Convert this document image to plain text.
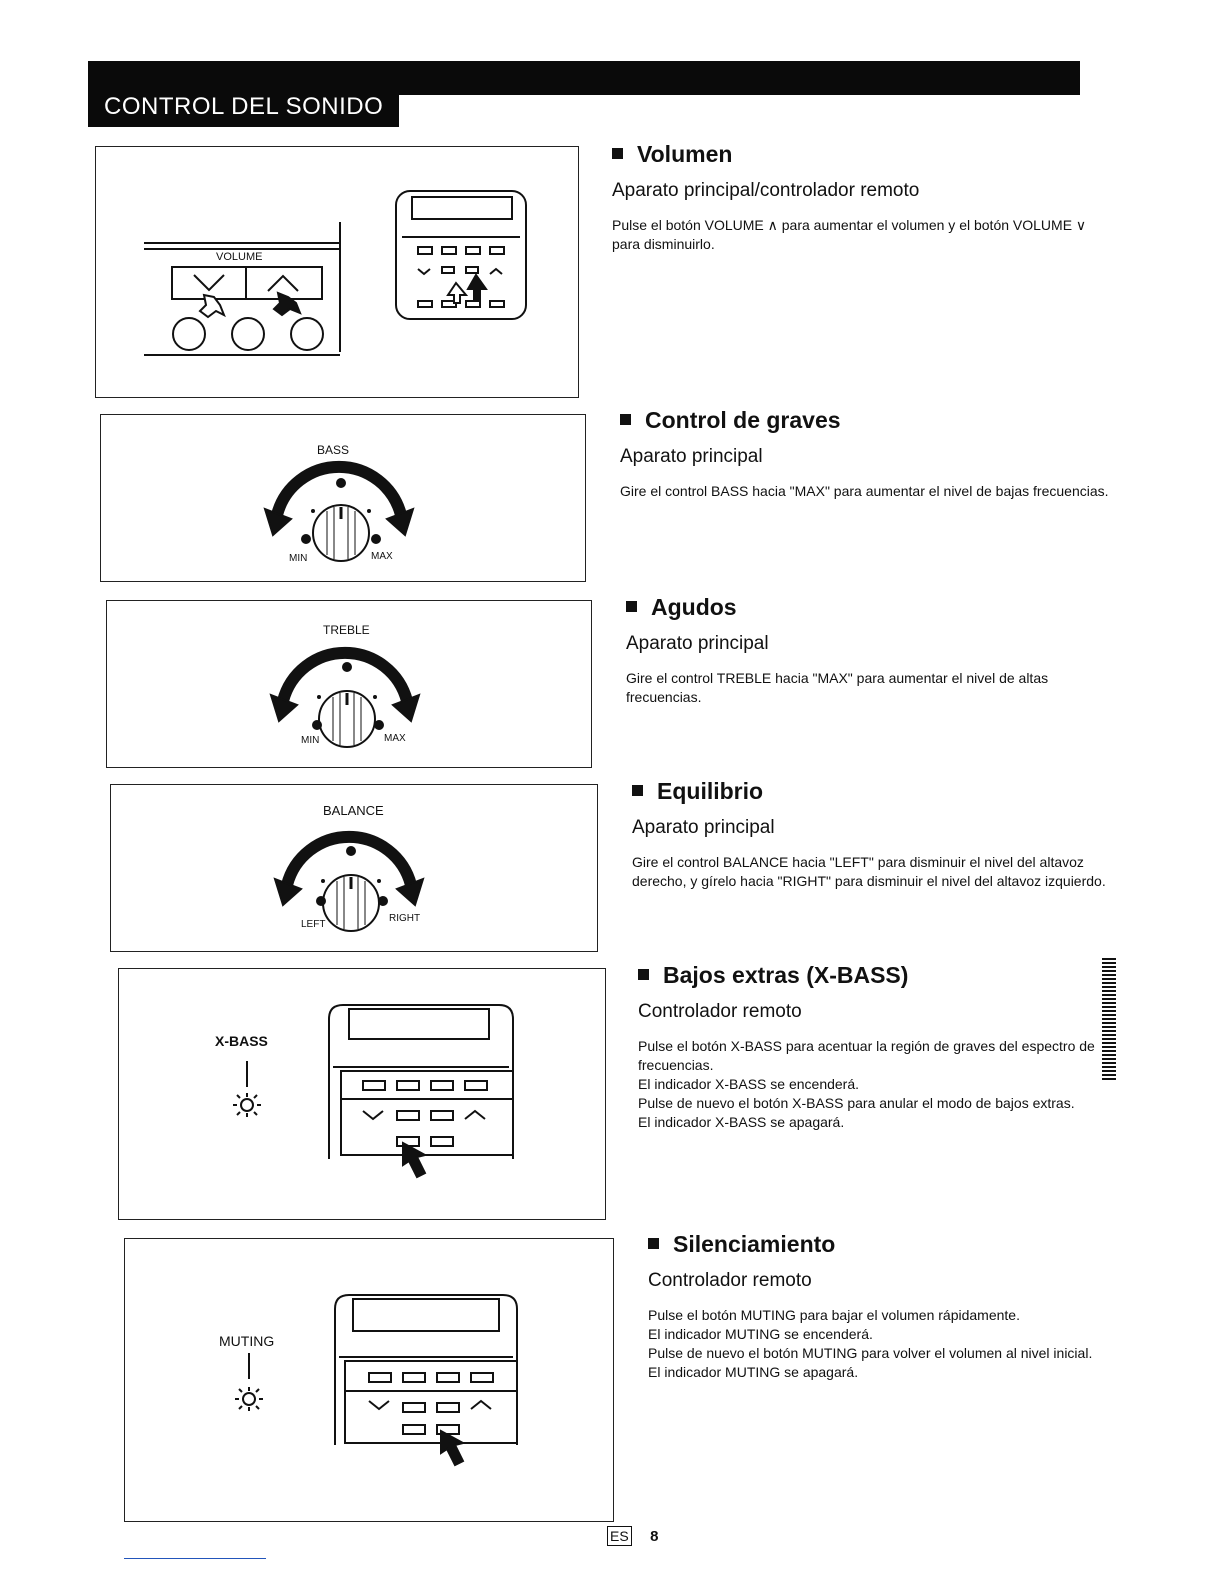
CONTROL DEL SONIDO
VOLUME
BASS
MIN	MAX
TREBLE
MIN	MAX
BALANCE
LEFT
RIGHT
X-BASS
MUTING
Volumen
Aparato principal/controlador remoto

Pulse el botón VOLUME ∧ para aumentar el volumen y el botón VOLUME ∨ para disminuirlo.

Control de graves
Aparato principal

Gire el control BASS hacia "MAX" para aumentar el nivel de bajas frecuencias.

Agudos
Aparato principal

Gire el control TREBLE hacia "MAX" para aumentar el nivel de altas frecuencias.

Equilibrio
Aparato principal

Gire el control BALANCE hacia "LEFT" para disminuir el nivel del altavoz derecho, y gírelo hacia "RIGHT" para disminuir el nivel del altavoz izquierdo.

Bajos extras (X-BASS)
Controlador remoto

Pulse el botón X-BASS para acentuar la región de graves del espectro de frecuencias.

El indicador X-BASS se encenderá.

Pulse de nuevo el botón X-BASS para anular el modo de bajos extras.

El indicador X-BASS se apagará.

Silenciamiento
Controlador remoto

Pulse el botón MUTING para bajar el volumen rápidamente.

El indicador MUTING se encenderá.

Pulse de nuevo el botón MUTING para volver el volumen al nivel inicial.

El indicador MUTING se apagará.

ES 8
